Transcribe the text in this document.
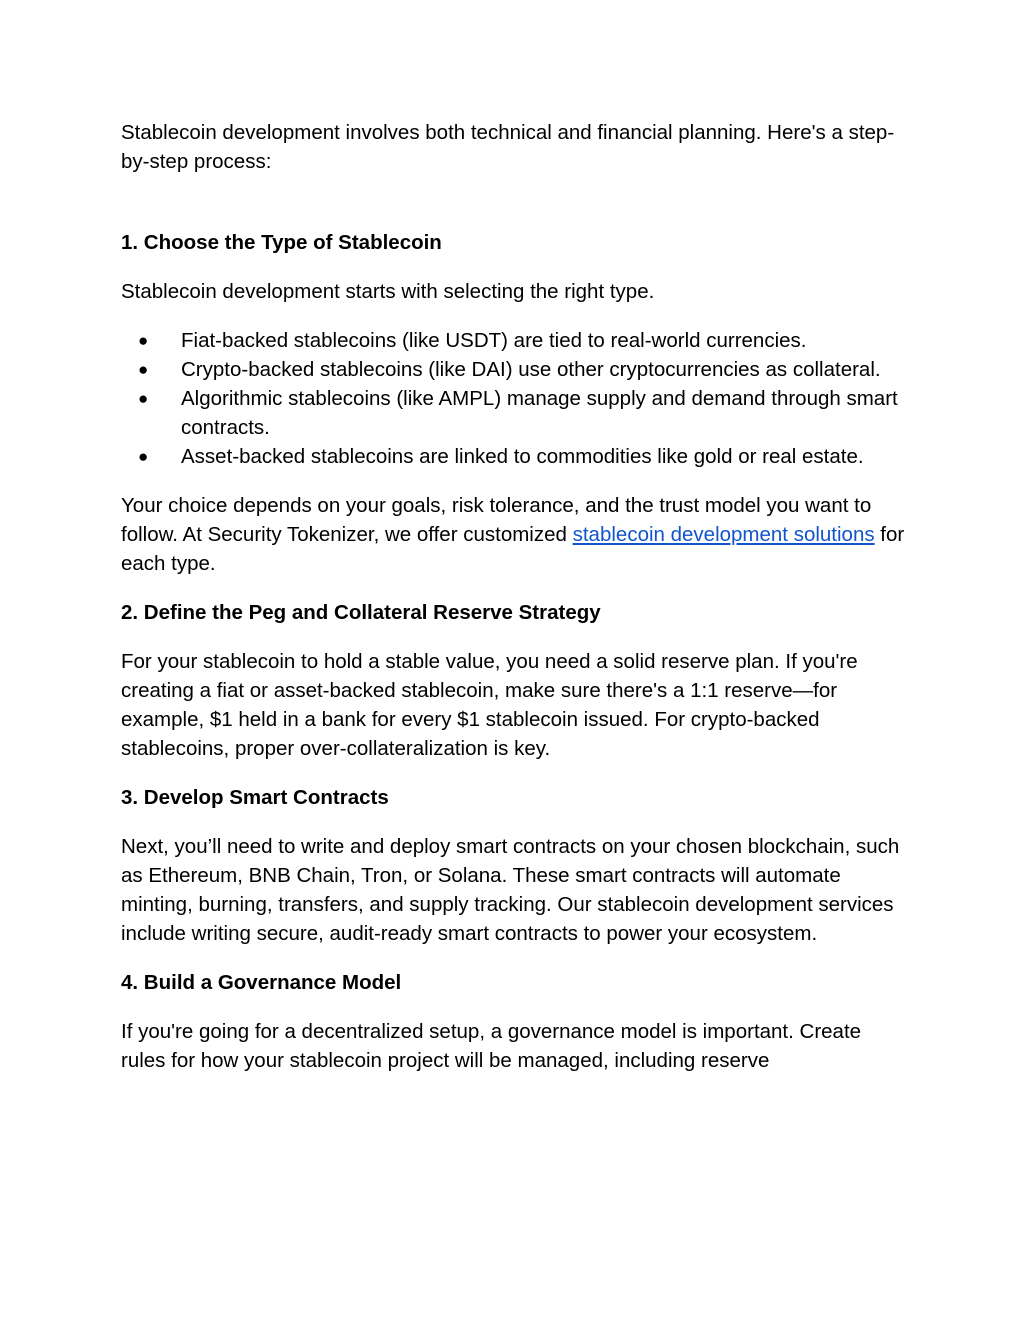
Stablecoin development involves both technical and financial planning. Here's a step-by-step process:

1. Choose the Type of Stablecoin

Stablecoin development starts with selecting the right type.

● Fiat-backed stablecoins (like USDT) are tied to real-world currencies.
● Crypto-backed stablecoins (like DAI) use other cryptocurrencies as collateral.
● Algorithmic stablecoins (like AMPL) manage supply and demand through smart contracts.
● Asset-backed stablecoins are linked to commodities like gold or real estate.

Your choice depends on your goals, risk tolerance, and the trust model you want to follow. At Security Tokenizer, we offer customized stablecoin development solutions for each type.

2. Define the Peg and Collateral Reserve Strategy

For your stablecoin to hold a stable value, you need a solid reserve plan. If you're creating a fiat or asset-backed stablecoin, make sure there's a 1:1 reserve—for example, $1 held in a bank for every $1 stablecoin issued. For crypto-backed stablecoins, proper over-collateralization is key.

3. Develop Smart Contracts

Next, you’ll need to write and deploy smart contracts on your chosen blockchain, such as Ethereum, BNB Chain, Tron, or Solana. These smart contracts will automate minting, burning, transfers, and supply tracking. Our stablecoin development services include writing secure, audit-ready smart contracts to power your ecosystem.

4. Build a Governance Model

If you're going for a decentralized setup, a governance model is important. Create rules for how your stablecoin project will be managed, including reserve
